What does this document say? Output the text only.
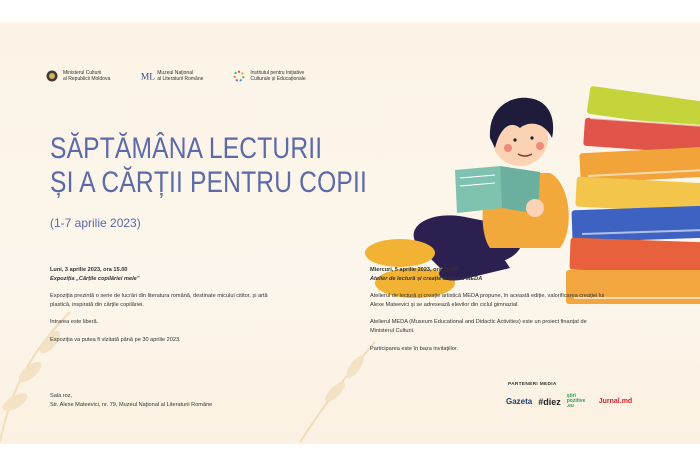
Ministerul Culturii
al Republicii Moldova	ML Muzeul Național
al Literaturii Române
Institutul pentru Inițiative
Culturale și Educaționale
SĂPTĂMÂNA LECTURII
ȘI A CĂRȚII PENTRU COPII
(1-7 aprilie 2023)
Luni, 3 aprilie 2023, ora 15.00
Expoziția „Cărțile copilăriei mele”

Expoziția prezintă o serie de lucrări din literatura română, destinate micului cititor, și artă plastică, inspirată din cărțile copilăriei.

Intrarea este liberă.

Expoziția va putea fi vizitată până pe 30 aprilie 2023.

Miercuri, 5 aprilie 2023, ora 15:00
Atelier de lectură și creație artistică MEDA

Atelierul de lectură și creație artistică MEDA propune, în această ediție, valorificarea creației lui Alexe Mateevici și se adresează elevilor din ciclul gimnazial.

Atelierul MEDA (Museum Educational and Didactic Activities) este un proiect finanțat de Ministerul Culturii.

Participarea este în baza invitațiilor.

Sala roz,
Str. Alexe Mateevici, nr. 79, Muzeul Național al Literaturii Române
PARTENERI MEDIA
Gazeta #diez
știri pozitive .eu
Jurnal.md
